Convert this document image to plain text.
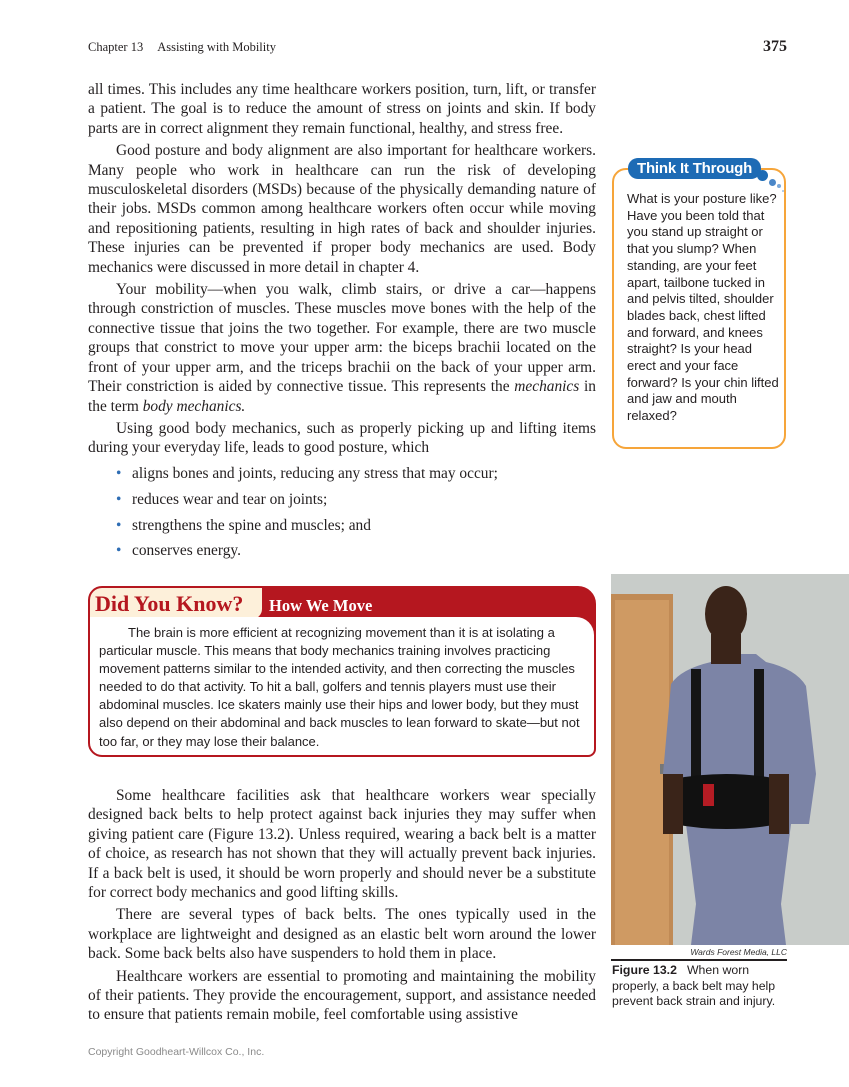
Chapter 13 Assisting with Mobility	375

all times. This includes any time healthcare workers position, turn, lift, or transfer a patient. The goal is to reduce the amount of stress on joints and skin. If body parts are in correct alignment they remain functional, healthy, and stress free.

Good posture and body alignment are also important for healthcare workers. Many people who work in healthcare can run the risk of developing musculoskeletal disorders (MSDs) because of the physically demanding nature of their jobs. MSDs common among healthcare workers often occur while moving and repositioning patients, resulting in high rates of back and shoulder injuries. These injuries can be prevented if proper body mechanics are used. Body mechanics were discussed in more detail in chapter 4.

Your mobility—when you walk, climb stairs, or drive a car—happens through constriction of muscles. These muscles move bones with the help of the connective tissue that joins the two together. For example, there are two muscle groups that constrict to move your upper arm: the biceps brachii located on the front of your upper arm, and the triceps brachii on the back of your upper arm. Their constriction is aided by connective tissue. This represents the mechanics in the term body mechanics.

Using good body mechanics, such as properly picking up and lifting items during your everyday life, leads to good posture, which

• aligns bones and joints, reducing any stress that may occur;
• reduces wear and tear on joints;
• strengthens the spine and muscles; and
• conserves energy.
Think It Through
What is your posture like? Have you been told that you stand up straight or that you slump? When standing, are your feet apart, tailbone tucked in and pelvis tilted, shoulder blades back, chest lifted and forward, and knees straight? Is your head erect and your face forward? Is your chin lifted and jaw and mouth relaxed?
Did You Know? How We Move

The brain is more efficient at recognizing movement than it is at isolating a particular muscle. This means that body mechanics training involves practicing movement patterns similar to the intended activity, and then correcting the muscles needed to do that activity. To hit a ball, golfers and tennis players must use their abdominal muscles. Ice skaters mainly use their hips and lower body, but they must also depend on their abdominal and back muscles to lean forward to skate—but not too far, or they may lose their balance.

Some healthcare facilities ask that healthcare workers wear specially designed back belts to help protect against back injuries they may suffer when giving patient care (Figure 13.2). Unless required, wearing a back belt is a matter of choice, as research has not shown that they will actually prevent back injuries. If a back belt is used, it should be worn properly and should never be a substitute for correct body mechanics and good lifting skills.

There are several types of back belts. The ones typically used in the workplace are lightweight and designed as an elastic belt worn around the lower back. Some back belts also have suspenders to hold them in place.

Healthcare workers are essential to promoting and maintaining the mobility of their patients. They provide the encouragement, support, and assistance needed to ensure that patients remain mobile, feel comfortable using assistive

Wards Forest Media, LLC
Figure 13.2 When worn properly, a back belt may help prevent back strain and injury.
Copyright Goodheart-Willcox Co., Inc.
